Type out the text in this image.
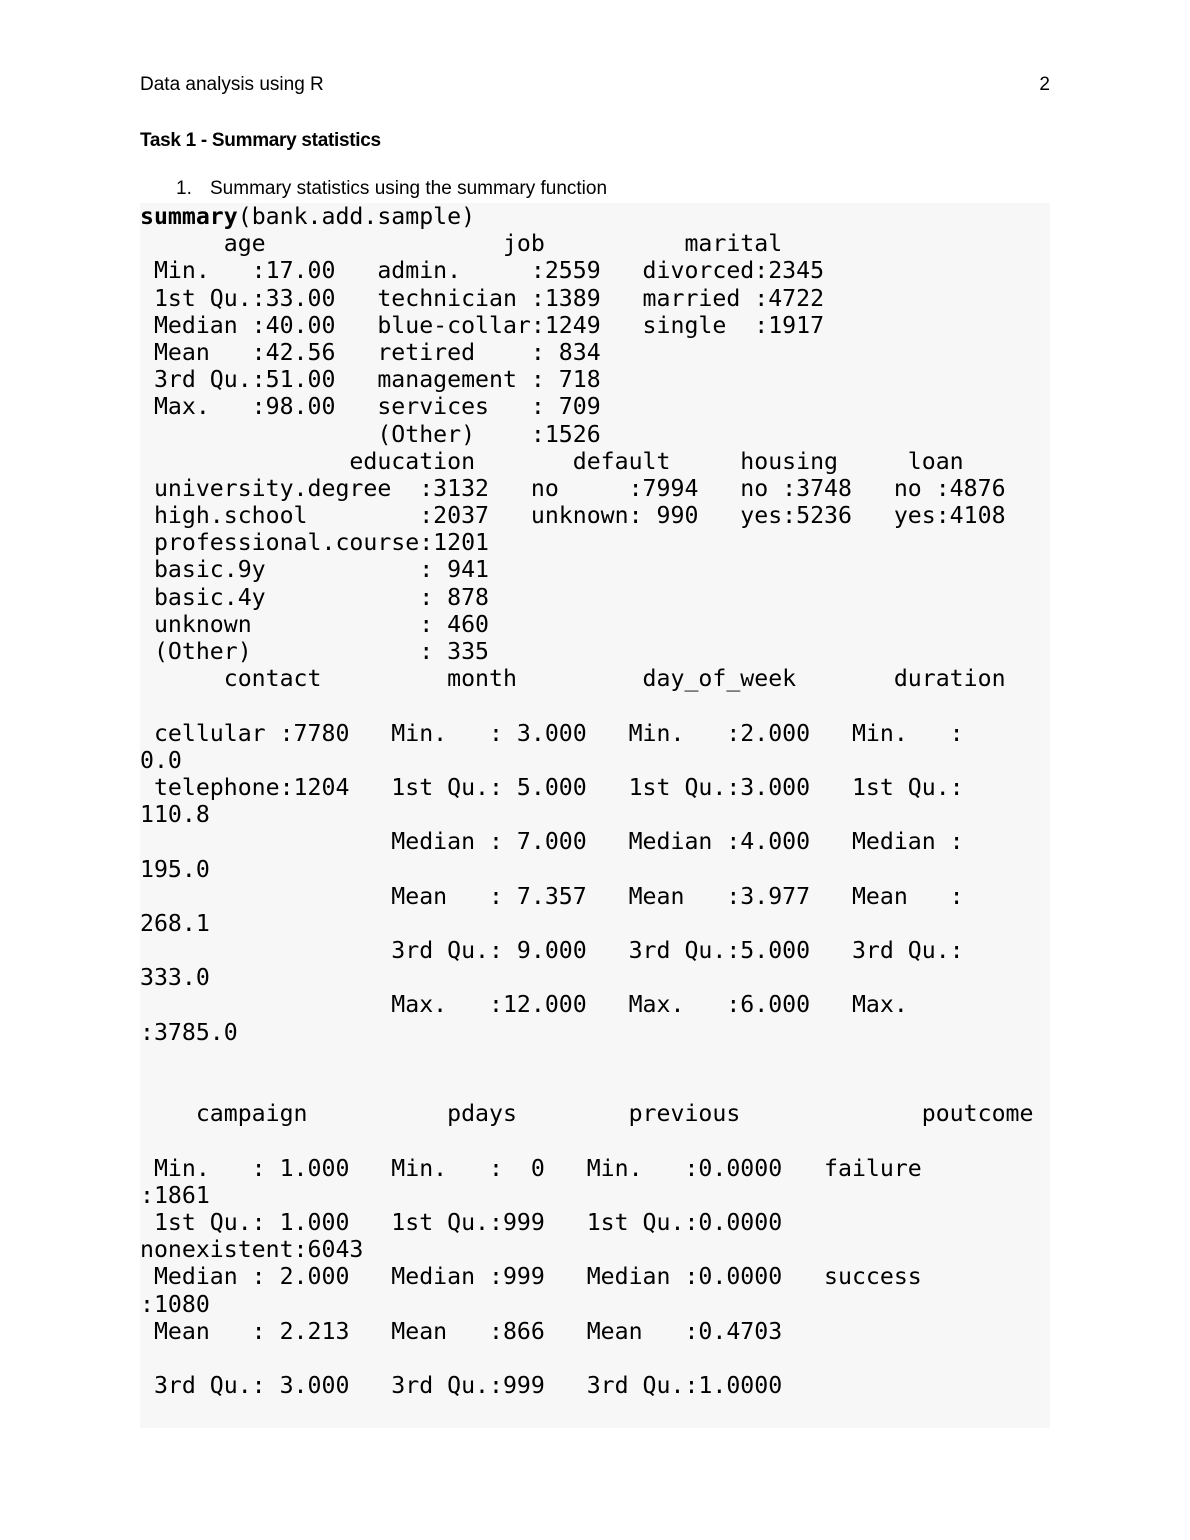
Data analysis using R	2
Task 1 - Summary statistics
1. Summary statistics using the summary function
summary(bank.add.sample)
age                 job          marital
Min.   :17.00   admin.     :2559   divorced:2345
1st Qu.:33.00   technician :1389   married :4722
Median :40.00   blue-collar:1249   single  :1917
Mean   :42.56   retired    : 834
3rd Qu.:51.00   management : 718
Max.   :98.00   services   : 709
(Other)    :1526
education       default     housing     loan
university.degree  :3132   no     :7994   no :3748   no :4876
high.school        :2037   unknown: 990   yes:5236   yes:4108
professional.course:1201
basic.9y           : 941
basic.4y           : 878
unknown            : 460
(Other)            : 335
contact         month         day_of_week       duration
cellular :7780   Min.   : 3.000   Min.   :2.000   Min.   :
0.0
telephone:1204   1st Qu.: 5.000   1st Qu.:3.000   1st Qu.:
110.8
Median : 7.000   Median :4.000   Median :
195.0
Mean   : 7.357   Mean   :3.977   Mean   :
268.1
3rd Qu.: 9.000   3rd Qu.:5.000   3rd Qu.:
333.0
Max.   :12.000   Max.   :6.000   Max.
:3785.0
campaign          pdays        previous             poutcome
Min.   : 1.000   Min.   :  0   Min.   :0.0000   failure
:1861
1st Qu.: 1.000   1st Qu.:999   1st Qu.:0.0000
nonexistent:6043
Median : 2.000   Median :999   Median :0.0000   success
:1080
Mean   : 2.213   Mean   :866   Mean   :0.4703
3rd Qu.: 3.000   3rd Qu.:999   3rd Qu.:1.0000
